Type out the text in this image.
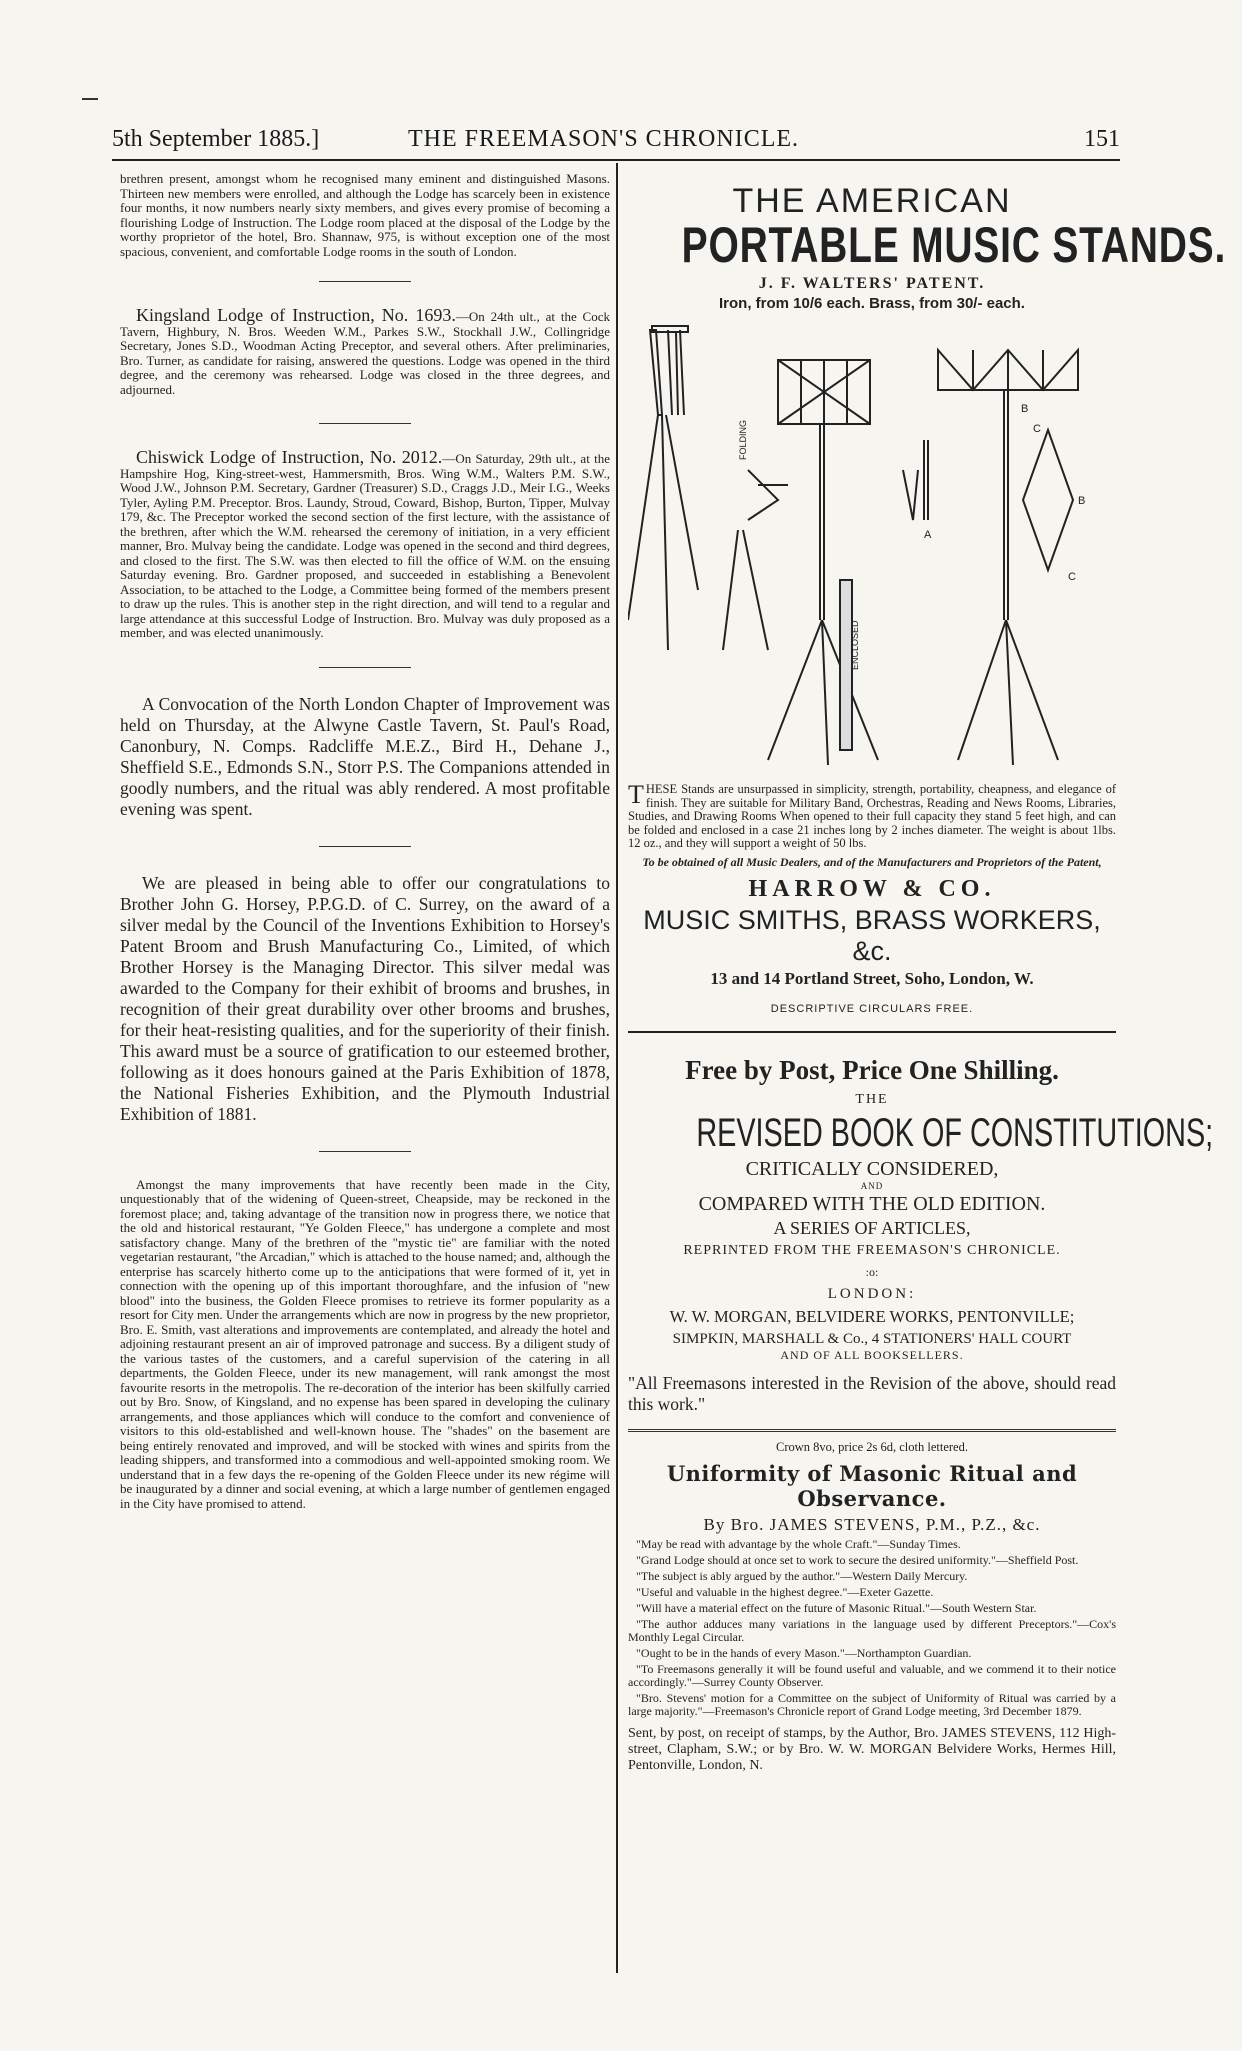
5th September 1885.]	THE FREEMASON'S CHRONICLE.	151

brethren present, amongst whom he recognised many eminent and distinguished Masons. Thirteen new members were enrolled, and although the Lodge has scarcely been in existence four months, it now numbers nearly sixty members, and gives every promise of becoming a flourishing Lodge of Instruction. The Lodge room placed at the disposal of the Lodge by the worthy proprietor of the hotel, Bro. Shannaw, 975, is without exception one of the most spacious, convenient, and comfortable Lodge rooms in the south of London.

Kingsland Lodge of Instruction, No. 1693.—On 24th ult., at the Cock Tavern, Highbury, N. Bros. Weeden W.M., Parkes S.W., Stockhall J.W., Collingridge Secretary, Jones S.D., Woodman Acting Preceptor, and several others. After preliminaries, Bro. Turner, as candidate for raising, answered the questions. Lodge was opened in the third degree, and the ceremony was rehearsed. Lodge was closed in the three degrees, and adjourned.

Chiswick Lodge of Instruction, No. 2012.—On Saturday, 29th ult., at the Hampshire Hog, King-street-west, Hammersmith, Bros. Wing W.M., Walters P.M. S.W., Wood J.W., Johnson P.M. Secretary, Gardner (Treasurer) S.D., Craggs J.D., Meir I.G., Weeks Tyler, Ayling P.M. Preceptor. Bros. Laundy, Stroud, Coward, Bishop, Burton, Tipper, Mulvay 179, &c. The Preceptor worked the second section of the first lecture, with the assistance of the brethren, after which the W.M. rehearsed the ceremony of initiation, in a very efficient manner, Bro. Mulvay being the candidate. Lodge was opened in the second and third degrees, and closed to the first. The S.W. was then elected to fill the office of W.M. on the ensuing Saturday evening. Bro. Gardner proposed, and succeeded in establishing a Benevolent Association, to be attached to the Lodge, a Committee being formed of the members present to draw up the rules. This is another step in the right direction, and will tend to a regular and large attendance at this successful Lodge of Instruction. Bro. Mulvay was duly proposed as a member, and was elected unanimously.

A Convocation of the North London Chapter of Improvement was held on Thursday, at the Alwyne Castle Tavern, St. Paul's Road, Canonbury, N. Comps. Radcliffe M.E.Z., Bird H., Dehane J., Sheffield S.E., Edmonds S.N., Storr P.S. The Companions attended in goodly numbers, and the ritual was ably rendered. A most profitable evening was spent.

We are pleased in being able to offer our congratulations to Brother John G. Horsey, P.P.G.D. of C. Surrey, on the award of a silver medal by the Council of the Inventions Exhibition to Horsey's Patent Broom and Brush Manufacturing Co., Limited, of which Brother Horsey is the Managing Director. This silver medal was awarded to the Company for their exhibit of brooms and brushes, in recognition of their great durability over other brooms and brushes, for their heat-resisting qualities, and for the superiority of their finish. This award must be a source of gratification to our esteemed brother, following as it does honours gained at the Paris Exhibition of 1878, the National Fisheries Exhibition, and the Plymouth Industrial Exhibition of 1881.

Amongst the many improvements that have recently been made in the City, unquestionably that of the widening of Queen-street, Cheapside, may be reckoned in the foremost place; and, taking advantage of the transition now in progress there, we notice that the old and historical restaurant, "Ye Golden Fleece," has undergone a complete and most satisfactory change. Many of the brethren of the "mystic tie" are familiar with the noted vegetarian restaurant, "the Arcadian," which is attached to the house named; and, although the enterprise has scarcely hitherto come up to the anticipations that were formed of it, yet in connection with the opening up of this important thoroughfare, and the infusion of "new blood" into the business, the Golden Fleece promises to retrieve its former popularity as a resort for City men. Under the arrangements which are now in progress by the new proprietor, Bro. E. Smith, vast alterations and improvements are contemplated, and already the hotel and adjoining restaurant present an air of improved patronage and success. By a diligent study of the various tastes of the customers, and a careful supervision of the catering in all departments, the Golden Fleece, under its new management, will rank amongst the most favourite resorts in the metropolis. The re-decoration of the interior has been skilfully carried out by Bro. Snow, of Kingsland, and no expense has been spared in developing the culinary arrangements, and those appliances which will conduce to the comfort and convenience of visitors to this old-established and well-known house. The "shades" on the basement are being entirely renovated and improved, and will be stocked with wines and spirits from the leading shippers, and transformed into a commodious and well-appointed smoking room. We understand that in a few days the re-opening of the Golden Fleece under its new régime will be inaugurated by a dinner and social evening, at which a large number of gentlemen engaged in the City have promised to attend.

THE AMERICAN
PORTABLE MUSIC STANDS.
J. F. WALTERS' PATENT.
Iron, from 10/6 each. Brass, from 30/- each.
FOLDING
ENCLOSED
A
B
C
B
C
THESE Stands are unsurpassed in simplicity, strength, portability, cheapness, and elegance of finish. They are suitable for Military Band, Orchestras, Reading and News Rooms, Libraries, Studies, and Drawing Rooms When opened to their full capacity they stand 5 feet high, and can be folded and enclosed in a case 21 inches long by 2 inches diameter. The weight is about 1lbs. 12 oz., and they will support a weight of 50 lbs.
To be obtained of all Music Dealers, and of the Manufacturers and Proprietors of the Patent,
HARROW & CO.
MUSIC SMITHS, BRASS WORKERS, &c.
13 and 14 Portland Street, Soho, London, W.
DESCRIPTIVE CIRCULARS FREE.
Free by Post, Price One Shilling.
THE
REVISED BOOK OF CONSTITUTIONS;
CRITICALLY CONSIDERED,
AND
COMPARED WITH THE OLD EDITION.
A SERIES OF ARTICLES,
REPRINTED FROM THE FREEMASON'S CHRONICLE.
:o:
LONDON:
W. W. MORGAN, BELVIDERE WORKS, PENTONVILLE;
SIMPKIN, MARSHALL & Co., 4 STATIONERS' HALL COURT
AND OF ALL BOOKSELLERS.
"All Freemasons interested in the Revision of the above, should read this work."
Crown 8vo, price 2s 6d, cloth lettered.
Uniformity of Masonic Ritual and Observance.
By Bro. JAMES STEVENS, P.M., P.Z., &c.

"May be read with advantage by the whole Craft."—Sunday Times.

"Grand Lodge should at once set to work to secure the desired uniformity."—Sheffield Post.

"The subject is ably argued by the author."—Western Daily Mercury.

"Useful and valuable in the highest degree."—Exeter Gazette.

"Will have a material effect on the future of Masonic Ritual."—South Western Star.

"The author adduces many variations in the language used by different Preceptors."—Cox's Monthly Legal Circular.

"Ought to be in the hands of every Mason."—Northampton Guardian.

"To Freemasons generally it will be found useful and valuable, and we commend it to their notice accordingly."—Surrey County Observer.

"Bro. Stevens' motion for a Committee on the subject of Uniformity of Ritual was carried by a large majority."—Freemason's Chronicle report of Grand Lodge meeting, 3rd December 1879.

Sent, by post, on receipt of stamps, by the Author, Bro. JAMES STEVENS, 112 High-street, Clapham, S.W.; or by Bro. W. W. MORGAN Belvidere Works, Hermes Hill, Pentonville, London, N.
